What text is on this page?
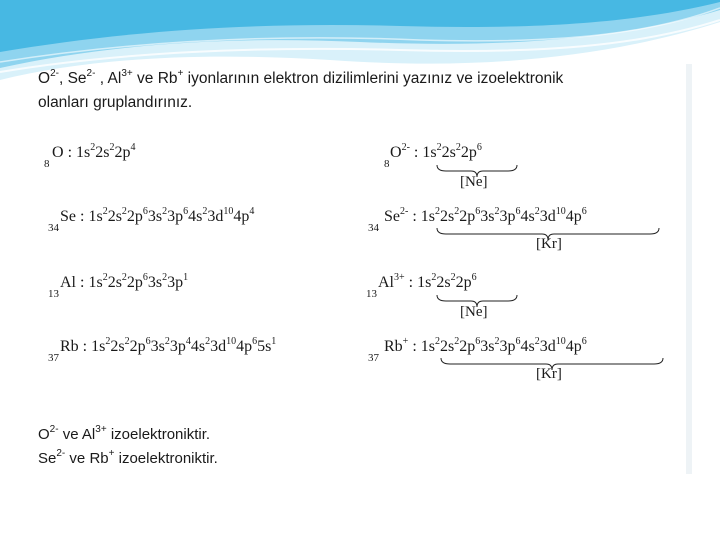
$O^{2-}$, $Se^{2-}$ , $Al^{3+}$ ve Rb+ iyonlarının elektron dizilimlerini yazınız ve izoelektronik
olanları gruplandırınız.
8
O : $1s^22s^22p^4$
34
Se : $1s^22s^22p^63s^23p^64s^23d^{10}4p^4$
13
Al : $1s^22s^22p^63s^23p^1$
37
Rb : $1s^22s^22p^63s^23p^44s^23d^{10}4p^65s^1$
8
$O^{2-}$ : $1s^22s^22p^6$
[Ne]
34
$Se^{2-}$ : $1s^22s^22p^63s^23p^64s^23d^{10}4p^6$
[Kr]
13
$Al^{3+}$ : $1s^22s^22p^6$
[Ne]
37
Rb+ : $1s^22s^22p^63s^23p^64s^23d^{10}4p^6$
[Kr]
$O^{2-}$ ve $Al^{3+}$ izoelektroniktir.
$Se^{2-}$ ve Rb+ izoelektroniktir.
